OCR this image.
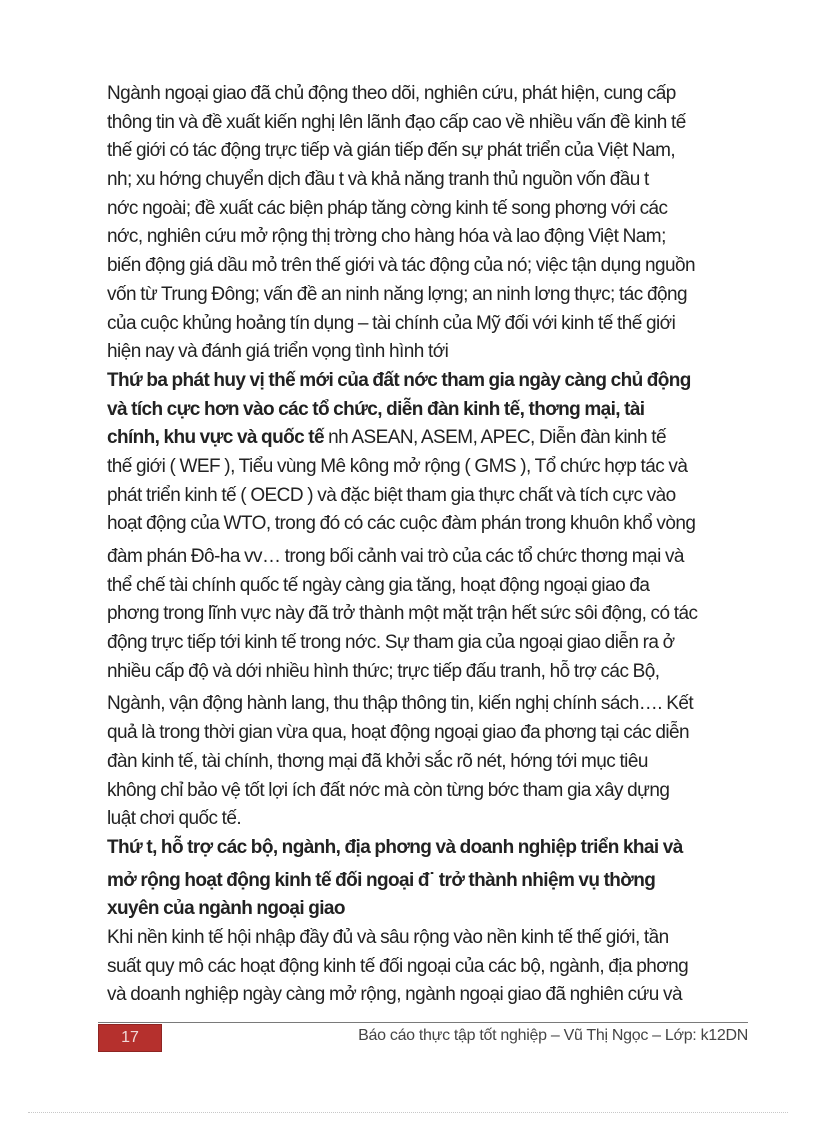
Ngành ngoại giao đã chủ động theo dõi, nghiên cứu, phát hiện, cung cấp
thông tin và đề xuất kiến nghị lên lãnh đạo cấp cao về nhiều vấn đề kinh tế
thế giới có tác động trực tiếp và gián tiếp đến sự phát triển của Việt Nam,
nh; xu hớng chuyển dịch đầu t và khả năng tranh thủ nguồn vốn đầu t
nớc ngoài; đề xuất các biện pháp tăng cờng kinh tế song phơng với các
nớc, nghiên cứu mở rộng thị trờng cho hàng hóa và lao động Việt Nam;
biến động giá dầu mỏ trên thế giới và tác động của nó; việc tận dụng nguồn
vốn từ Trung Đông; vấn đề an ninh năng lợng; an ninh lơng thực; tác động
của cuộc khủng hoảng tín dụng – tài chính của Mỹ đối với kinh tế thế giới
hiện nay và đánh giá triển vọng tình hình tới
Thứ ba phát huy vị thế mới của đất nớc tham gia ngày càng chủ động
và tích cực hơn vào các tổ chức, diễn đàn kinh tế, thơng mại, tài
chính, khu vực và quốc tế nh ASEAN, ASEM, APEC, Diễn đàn kinh tế
thế giới ( WEF ), Tiểu vùng Mê kông mở rộng ( GMS ), Tổ chức hợp tác và
phát triển kinh tế ( OECD ) và đặc biệt tham gia thực chất và tích cực vào
hoạt động của WTO, trong đó có các cuộc đàm phán trong khuôn khổ vòng
đàm phán Đô-ha vv… trong bối cảnh vai trò của các tổ chức thơng mại và
thể chế tài chính quốc tế ngày càng gia tăng, hoạt động ngoại giao đa
phơng trong lĩnh vực này đã trở thành một mặt trận hết sức sôi động, có tác
động trực tiếp tới kinh tế trong nớc. Sự tham gia của ngoại giao diễn ra ở
nhiều cấp độ và dới nhiều hình thức; trực tiếp đấu tranh, hỗ trợ các Bộ,
Ngành, vận động hành lang, thu thập thông tin, kiến nghị chính sách…. Kết
quả là trong thời gian vừa qua, hoạt động ngoại giao đa phơng tại các diễn
đàn kinh tế, tài chính, thơng mại đã khởi sắc rõ nét, hớng tới mục tiêu
không chỉ bảo vệ tốt lợi ích đất nớc mà còn từng bớc tham gia xây dựng
luật chơi quốc tế.
Thứ t, hỗ trợ các bộ, ngành, địa phơng và doanh nghiệp triển khai và
mở rộng hoạt động kinh tế đối ngoại đ˙ trở thành nhiệm vụ thờng
xuyên của ngành ngoại giao
Khi nền kinh tế hội nhập đầy đủ và sâu rộng vào nền kinh tế thế giới, tần
suất quy mô các hoạt động kinh tế đối ngoại của các bộ, ngành, địa phơng
và doanh nghiệp ngày càng mở rộng, ngành ngoại giao đã nghiên cứu và
17	Báo cáo thực tập tốt nghiệp – Vũ Thị Ngọc – Lớp: k12DN
